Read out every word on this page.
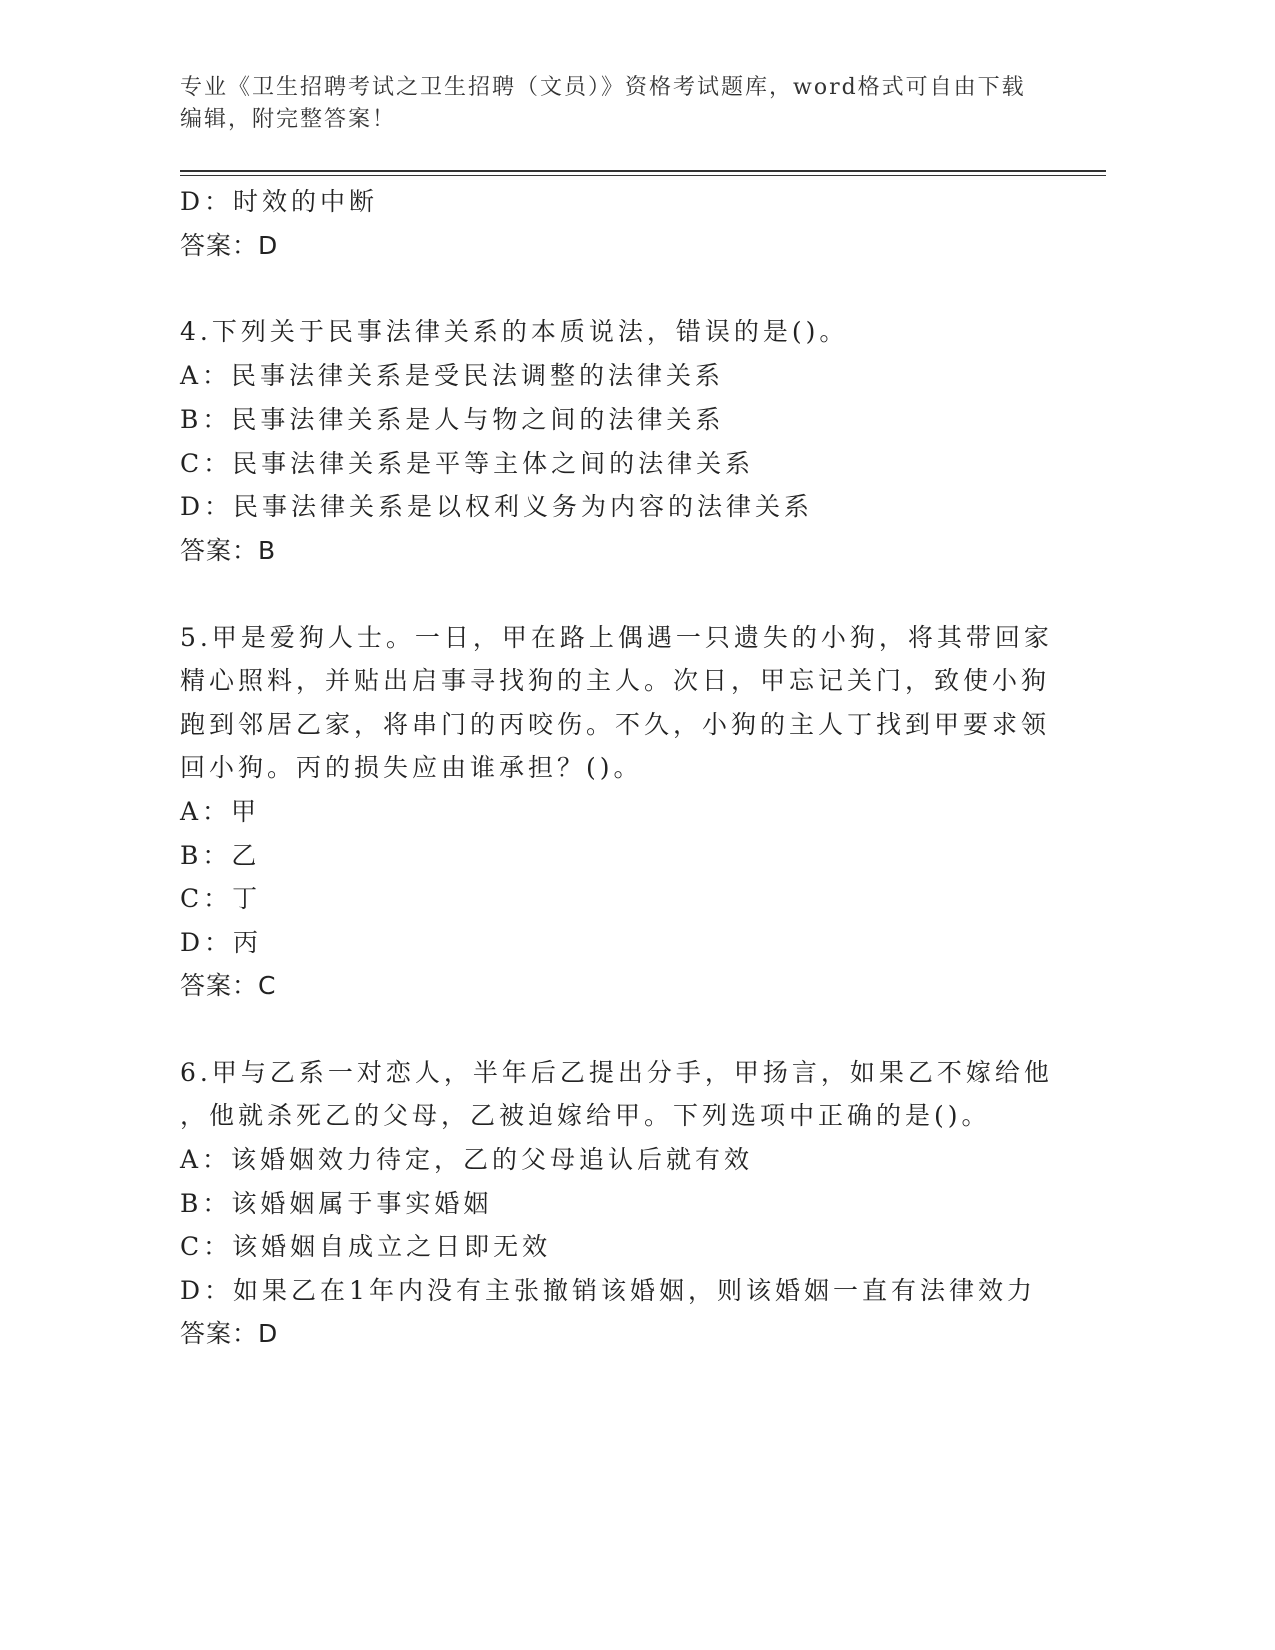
专业《卫生招聘考试之卫生招聘（文员）》资格考试题库，word格式可自由下载
编辑，附完整答案！
D：时效的中断
答案：D
4.下列关于民事法律关系的本质说法，错误的是()。
A：民事法律关系是受民法调整的法律关系
B：民事法律关系是人与物之间的法律关系
C：民事法律关系是平等主体之间的法律关系
D：民事法律关系是以权利义务为内容的法律关系
答案：B
5.甲是爱狗人士。一日，甲在路上偶遇一只遗失的小狗，将其带回家
精心照料，并贴出启事寻找狗的主人。次日，甲忘记关门，致使小狗
跑到邻居乙家，将串门的丙咬伤。不久，小狗的主人丁找到甲要求领
回小狗。丙的损失应由谁承担？()。
A：甲
B：乙
C：丁
D：丙
答案：C
6.甲与乙系一对恋人，半年后乙提出分手，甲扬言，如果乙不嫁给他
，他就杀死乙的父母，乙被迫嫁给甲。下列选项中正确的是()。
A：该婚姻效力待定，乙的父母追认后就有效
B：该婚姻属于事实婚姻
C：该婚姻自成立之日即无效
D：如果乙在1年内没有主张撤销该婚姻，则该婚姻一直有法律效力
答案：D
